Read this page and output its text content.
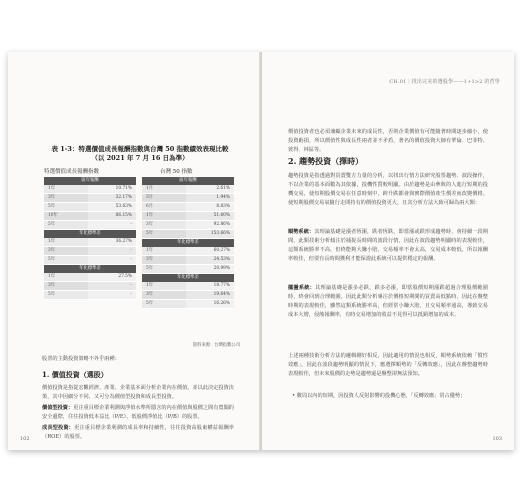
表 1-3：特選價值成長報酬指數與台灣 50 指數績效表現比較
（以 2021 年 7 月 16 日為準）
特選價值成長報酬指數	台灣 50 指數
區年報酬
1年	10.71%
3年	32.17%
5年	53.63%
10年	86.15%
5年	-
年化標準差
1年	36.27%
3年	-
5年	-
年化標準差
1年	27.5%
3年	-
5年	-
區年報酬
1月	2.61%
3月	1.94%
6月	8.83%
1年	51.60%
3年	92.86%
5年	153.66%
年化標準差
1年	60.27%
3年	24.53%
5年	20.99%
年化標準差
1年	18.77%
3年	19.64%
5年	16.26%
資料來源：台灣指數公司
股票的主動投資策略不外乎兩種：
1. 價值投資（選股）
價值投資是指從宏觀經濟、產業、企業基本面分析企業內在價值，並以此決定投資決策，其中因細分不同，又可分為價值型投資和成長型投資。
價值型投資：更注重目標企業利潤與淨值水準所隱含的內在價值與股價之間有寬闊的安全邊際，往往投資低本益比（P/E）、低股價淨值比（P/B）的股票。
成長型投資：更注重目標企業利潤的成長率和持續性，往往投資高股東權益報酬率（ROE）的股票。
102
CH.01｜找出完美的選股學——1+1>2 的哲學
價值投資者也必須兼顧企業未來的成長性，否則企業價值有可能隨著時間逐步縮小，使投資虧損，所以價值性與成長性兩者並不矛盾，著名的價值投資大師有華倫．巴菲特、彼得．林區等。
2. 趨勢投資（擇時）
趨勢投資是指透過對買賣雙方力量的分析，以找出行情方法研究股票趨勢、波段操作，不以企業的基本面數為其依據，投機性質較明顯。由於趨勢是由參與的人進行短期的投機交易，使短期股價交易在任意時刻中，跨升跌都會與實際價值產生價差而改變價格。使短期股價交易氣隨行走間持有的價值投資更大，且其分析方法大致可歸為兩大類：
順勢系統：其理論基礎是漲者恆漲，跌者恆跌，即當漲或跌形成趨勢時，會持續一段期間，此類技術分析傾注於捕捉長時間的波段行情，因此在波段趨勢明顯時的表現較佳，這類系統勝率不高，但終能夠大賺小賠，交易頻率不會太高，交易成本較低，所以報酬率較佳，但要有長時間獲利才能保證此系統可以提供穩定的報酬。
擺盪系統：其理論基礎是漲多必跌、跌多必漲，即當股價短期漲跌超過合理股價範圍時，終會回到合理範圍，因此此類分析專注於價格短期間的買賣高低點時，因此在盤整時期的表現較佳，雖然這類系統勝率高，但經常小賺大賠，且交易頻率通高，導致交易成本大增，侵蝕報酬率，有時交易增加的收益不見得可以抵銷增加的成本。
上述兩種技術分析方法的邏輯剛好相反，因此適用的情況也相反，順勢系統依賴「慣性效應」，因此在波段趨勢明顯的情況下，應選擇順勢的「反轉效應」，因此在盤整趨勢時表現較佳，但未來股價的走勢是趨勢還是盤整卻無法預知。
• 數周以內的短期，因投資人反射影響的投機心態，「反轉效應」常占優勢；
103
